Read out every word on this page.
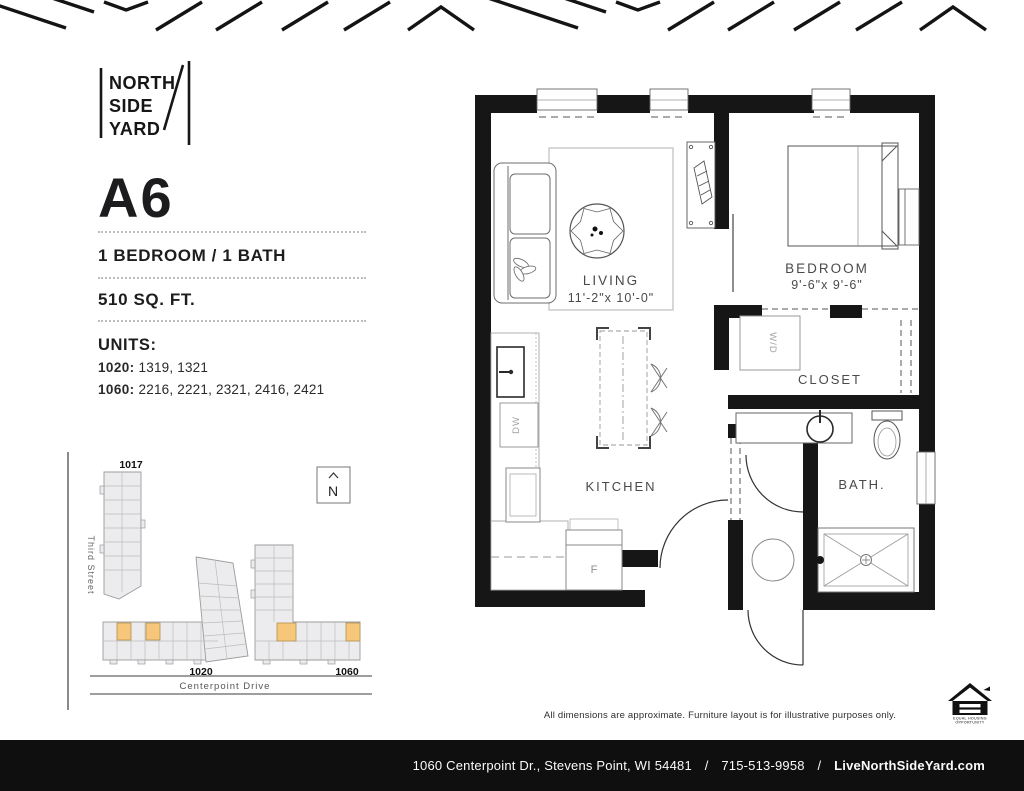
NORTH
SIDE
YARD
A6
1 BEDROOM / 1 BATH
510 SQ. FT.
UNITS:
1020: 1319, 1321
1060: 2216, 2221, 2321, 2416, 2421
Third Street
Centerpoint Drive
N
1017
1020	1060
LIVING
11'-2"x 10'-0"
BEDROOM
9'-6"x 9'-6"
CLOSET
BATH.
KITCHEN
W/D
DW
F
All dimensions are approximate. Furniture layout is for illustrative purposes only.	EQUAL HOUSING
OPPORTUNITY
1060 Centerpoint Dr., Stevens Point, WI 54481 / 715-513-9958 / LiveNorthSideYard.com
